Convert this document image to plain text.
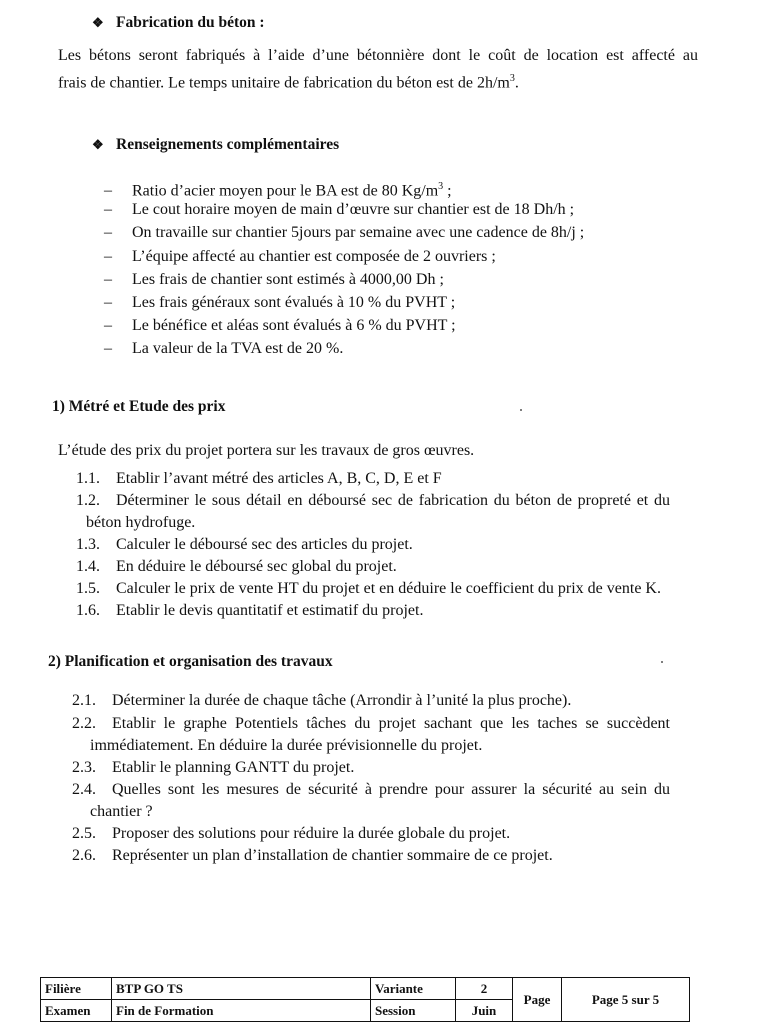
❖ Fabrication du béton :
Les bétons seront fabriqués à l’aide d’une bétonnière dont le coût de location est affecté au
frais de chantier. Le temps unitaire de fabrication du béton est de $2h/m^3$.
❖ Renseignements complémentaires
– Ratio d’acier moyen pour le BA est de 80 $Kg/m^3$ ;
– Le cout horaire moyen de main d’œuvre sur chantier est de 18 Dh/h ;
– On travaille sur chantier 5jours par semaine avec une cadence de 8h/j ;
– L’équipe affecté au chantier est composée de 2 ouvriers ;
– Les frais de chantier sont estimés à 4000,00 Dh ;
– Les frais généraux sont évalués à 10 % du PVHT ;
– Le bénéfice et aléas sont évalués à 6 % du PVHT ;
– La valeur de la TVA est de 20 %.
1) Métré et Etude des prix
L’étude des prix du projet portera sur les travaux de gros œuvres.
1.1. Etablir l’avant métré des articles A, B, C, D, E et F
1.2. Déterminer le sous détail en déboursé sec de fabrication du béton de propreté et du
béton hydrofuge.
1.3. Calculer le déboursé sec des articles du projet.
1.4. En déduire le déboursé sec global du projet.
1.5. Calculer le prix de vente HT du projet et en déduire le coefficient du prix de vente K.
1.6. Etablir le devis quantitatif et estimatif du projet.
2) Planification et organisation des travaux
2.1. Déterminer la durée de chaque tâche (Arrondir à l’unité la plus proche).
2.2. Etablir le graphe Potentiels tâches du projet sachant que les taches se succèdent
immédiatement. En déduire la durée prévisionnelle du projet.
2.3. Etablir le planning GANTT du projet.
2.4. Quelles sont les mesures de sécurité à prendre pour assurer la sécurité au sein du
chantier ?
2.5. Proposer des solutions pour réduire la durée globale du projet.
2.6. Représenter un plan d’installation de chantier sommaire de ce projet.
Filière	BTP GO TS	Variante	2	Page	Page 5 sur 5
Examen	Fin de Formation	Session	Juin		
